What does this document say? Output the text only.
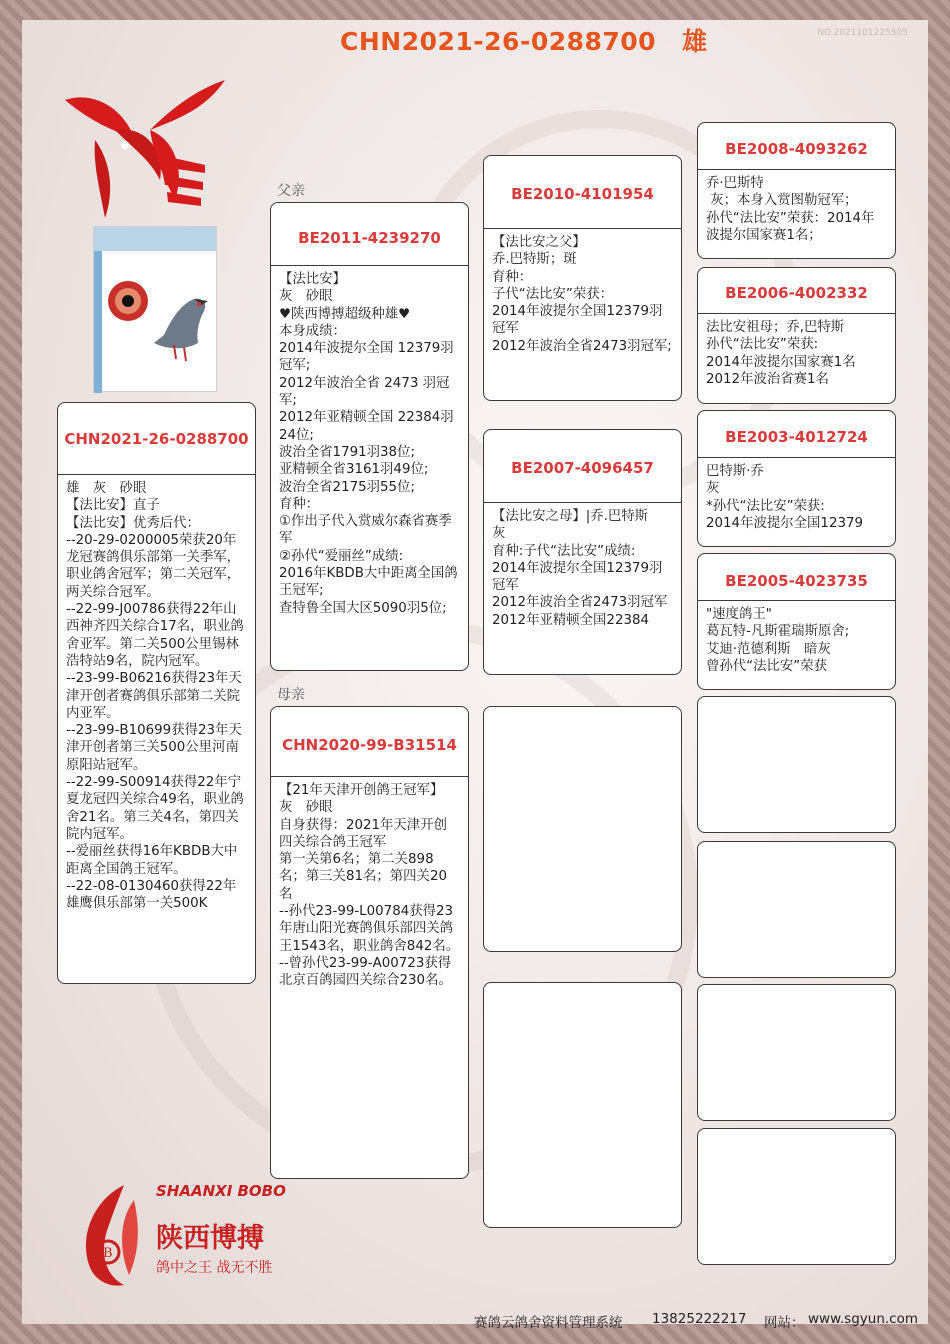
NO.2021101225505
CHN2021-26-0288700 雄
CHN2021-26-0288700
雄　灰　砂眼
【法比安】直子
【法比安】优秀后代：
--20-29-0200005荣获20年龙冠赛鸽俱乐部第一关季军，职业鸽舍冠军；第二关冠军，两关综合冠军。
--22-99-J00786获得22年山西神齐四关综合17名，职业鸽舍亚军。第二关500公里锡林浩特站9名，院内冠军。
--23-99-B06216获得23年天津开创者赛鸽俱乐部第二关院内亚军。
--23-99-B10699获得23年天津开创者第三关500公里河南原阳站冠军。
--22-99-S00914获得22年宁夏龙冠四关综合49名，职业鸽舍21名。第三关4名，第四关院内冠军。
--爱丽丝获得16年KBDB大中距离全国鸽王冠军。
--22-08-0130460获得22年雄鹰俱乐部第一关500K
父亲
BE2011-4239270
【法比安】
灰　砂眼
♥陕西博搏超级种雄♥
本身成绩：
2014年波提尔全国 12379羽冠军;
2012年波治全省 2473 羽冠军;
2012年亚精顿全国 22384羽24位;
波治全省1791羽38位;
亚精顿全省3161羽49位;
波治全省2175羽55位;
育种：
①作出子代入赏威尔森省赛季军
②孙代“爱丽丝”成绩:
2016年KBDB大中距离全国鸽王冠军;
查特鲁全国大区5090羽5位;
母亲
CHN2020-99-B31514
【21年天津开创鸽王冠军】
灰　砂眼
自身获得：2021年天津开创四关综合鸽王冠军
第一关第6名；第二关898名；第三关81名；第四关20名
--孙代23-99-L00784获得23年唐山阳光赛鸽俱乐部四关鸽王1543名，职业鸽舍842名。
--曾孙代23-99-A00723获得北京百鸽园四关综合230名。
BE2010-4101954
【法比安之父】
乔.巴特斯；斑
育种：
子代“法比安”荣获：
2014年波提尔全国12379羽冠军
2012年波治全省2473羽冠军;
BE2007-4096457
【法比安之母】|乔.巴特斯
灰
育种:子代“法比安”成绩:
2014年波提尔全国12379羽冠军
2012年波治全省2473羽冠军
2012年亚精顿全国22384
BE2008-4093262
乔·巴斯特
灰；本身入赏图勒冠军；
孙代“法比安”荣获：2014年波提尔国家赛1名；
BE2006-4002332
法比安祖母；乔,巴特斯
孙代“法比安”荣获:
2014年波提尔国家赛1名
2012年波治省赛1名
BE2003-4012724
巴特斯·乔
灰
*孙代“法比安”荣获:
2014年波提尔全国12379
BE2005-4023735
"速度鸽王"
葛瓦特-凡斯霍瑞斯原舍;
艾迪·范德利斯　暗灰
曾孙代“法比安”荣获
B
SHAANXI BOBO
陕西博搏
鸽中之王 战无不胜
赛鸽云鸽舍资料管理系统 13825222217 网站： www.sgyun.com
